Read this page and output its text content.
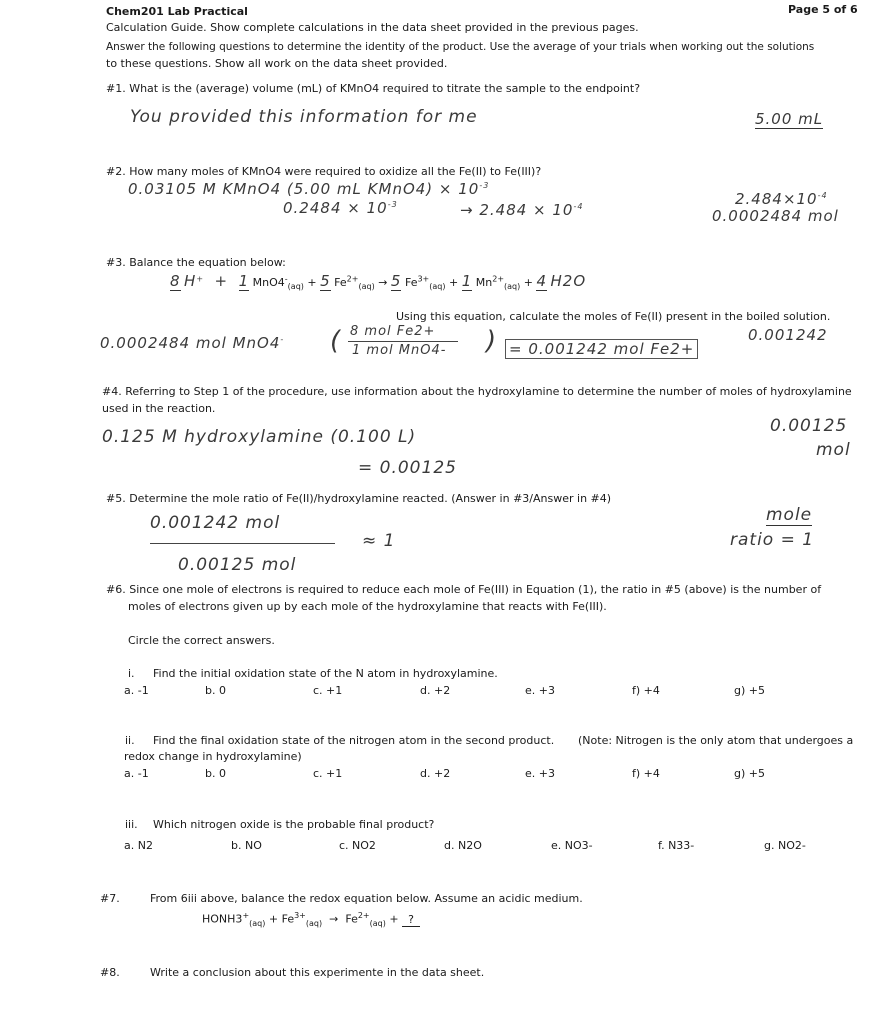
Chem201 Lab Practical	Page 5 of 6
Calculation Guide. Show complete calculations in the data sheet provided in the previous pages.
Answer the following questions to determine the identity of the product. Use the average of your trials when working out the solutions
to these questions. Show all work on the data sheet provided.
#1. What is the (average) volume (mL) of KMnO4 required to titrate the sample to the endpoint?
You provided this information for me	5.00 mL
#2. How many moles of KMnO4 were required to oxidize all the Fe(II) to Fe(III)?
0.03105 M KMnO4 (5.00 mL KMnO4) × $10^{-3}$
$0.2484 \times 10^{-3}$	→ $2.484 \times 10^{-4}$	$2.484\times 10^{-4}$
0.0002484 mol
#3. Balance the equation below:
8 H+ + 1 $MnO4^-_{(aq)} + 5$ $Fe^{2+}_{(aq)} \to 5$ $Fe^{3+}_{(aq)} + 1$ $Mn^{2+}_{(aq)} + 4$ H2O
Using this equation, calculate the moles of Fe(II) present in the boiled solution.
0.0002484 mol MnO4- ( 8 mol Fe2+
1 mol MnO4- ) = 0.001242 mol Fe2+
0.001242
#4. Referring to Step 1 of the procedure, use information about the hydroxylamine to determine the number of moles of hydroxylamine
used in the reaction.
0.125 M hydroxylamine (0.100 L)
= 0.00125
0.00125
mol
#5. Determine the mole ratio of Fe(II)/hydroxylamine reacted. (Answer in #3/Answer in #4)
0.001242 mol
≈ 1
0.00125 mol
mole
ratio = 1
#6. Since one mole of electrons is required to reduce each mole of Fe(III) in Equation (1), the ratio in #5 (above) is the number of
moles of electrons given up by each mole of the hydroxylamine that reacts with Fe(III).
Circle the correct answers.
i. Find the initial oxidation state of the N atom in hydroxylamine.
a. -1	b. 0	c. +1	d. +2	e. +3	f) +4	g) +5
ii. Find the final oxidation state of the nitrogen atom in the second product. (Note: Nitrogen is the only atom that undergoes a
redox change in hydroxylamine)
a. -1	b. 0	c. +1	d. +2	e. +3	f) +4	g) +5
iii. Which nitrogen oxide is the probable final product?
a. N2	b. NO	c. NO2	d. N2O	e. NO3-	f. N33-	g. NO2-
#7.	From 6iii above, balance the redox equation below. Assume an acidic medium.
$HONH3^+_{(aq)} + Fe^{3+}_{(aq)} \to Fe^{2+}_{(aq)}$ + ?
#8.	Write a conclusion about this experimente in the data sheet.
